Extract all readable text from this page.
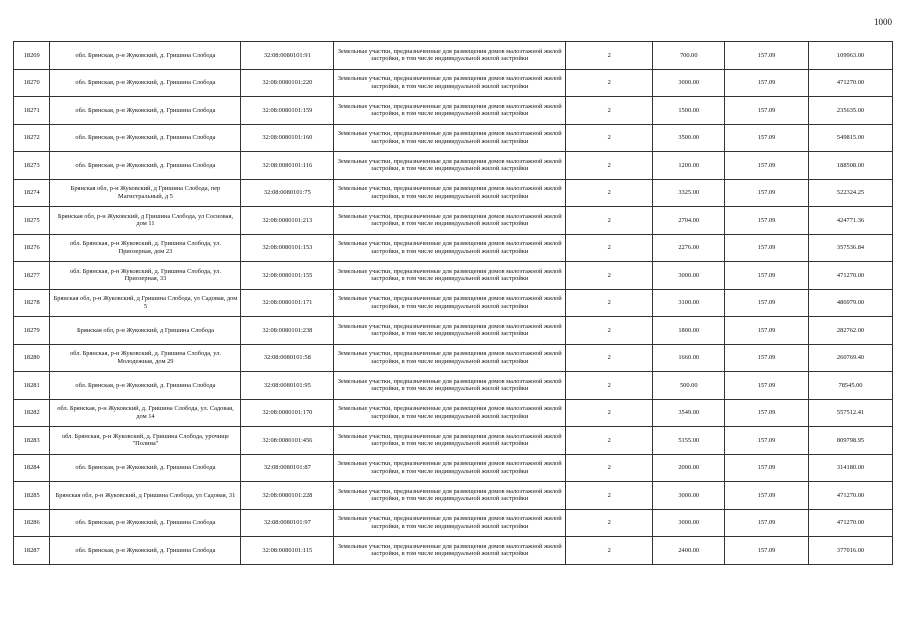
1000
18269	обл. Брянская, р-н Жуковский, д. Гришина Слобода	32:08:0080101:91	Земельные участки, предназначенные для размещения домов малоэтажной жилой застройки, в том числе индивидуальной жилой застройки	2	700.00	157.09	109963.00
18270	обл. Брянская, р-н Жуковский, д. Гришина Слобода	32:08:0080101:220	Земельные участки, предназначенные для размещения домов малоэтажной жилой застройки, в том числе индивидуальной жилой застройки	2	3000.00	157.09	471270.00
18271	обл. Брянская, р-н Жуковский, д. Гришина Слобода	32:08:0080101:159	Земельные участки, предназначенные для размещения домов малоэтажной жилой застройки, в том числе индивидуальной жилой застройки	2	1500.00	157.09	235635.00
18272	обл. Брянская, р-н Жуковский, д. Гришина Слобода	32:08:0080101:160	Земельные участки, предназначенные для размещения домов малоэтажной жилой застройки, в том числе индивидуальной жилой застройки	2	3500.00	157.09	549815.00
18273	обл. Брянская, р-н Жуковский, д. Гришина Слобода	32:08:0080101:116	Земельные участки, предназначенные для размещения домов малоэтажной жилой застройки, в том числе индивидуальной жилой застройки	2	1200.00	157.09	188508.00
18274	Брянская обл, р-н Жуковский, д Гришина Слобода, пер Магистральный, д 5	32:08:0080101:75	Земельные участки, предназначенные для размещения домов малоэтажной жилой застройки, в том числе индивидуальной жилой застройки	2	3325.00	157.09	522324.25
18275	Брянская обл, р-н Жуковский, д Гришина Слобода, ул Сосновая, дом 11	32:08:0080101:213	Земельные участки, предназначенные для размещения домов малоэтажной жилой застройки, в том числе индивидуальной жилой застройки	2	2704.00	157.09	424771.36
18276	обл. Брянская, р-н Жуковский, д. Гришина Слобода, ул. Приозерная, дом 23	32:08:0080101:153	Земельные участки, предназначенные для размещения домов малоэтажной жилой застройки, в том числе индивидуальной жилой застройки	2	2276.00	157.09	357536.84
18277	обл. Брянская, р-н Жуковский, д. Гришина Слобода, ул. Приозерная, 33	32:08:0080101:155	Земельные участки, предназначенные для размещения домов малоэтажной жилой застройки, в том числе индивидуальной жилой застройки	2	3000.00	157.09	471270.00
18278	Брянская обл, р-н Жуковский, д Гришина Слобода, ул Садовая, дом 5	32:08:0080101:171	Земельные участки, предназначенные для размещения домов малоэтажной жилой застройки, в том числе индивидуальной жилой застройки	2	3100.00	157.09	486979.00
18279	Брянская обл, р-н Жуковский, д Гришина Слобода	32:08:0080101:238	Земельные участки, предназначенные для размещения домов малоэтажной жилой застройки, в том числе индивидуальной жилой застройки	2	1800.00	157.09	282762.00
18280	обл. Брянская, р-н Жуковский, д. Гришина Слобода, ул. Молодежная, дом 29	32:08:0080101:58	Земельные участки, предназначенные для размещения домов малоэтажной жилой застройки, в том числе индивидуальной жилой застройки	2	1660.00	157.09	260769.40
18281	обл. Брянская, р-н Жуковский, д. Гришина Слобода	32:08:0080101:95	Земельные участки, предназначенные для размещения домов малоэтажной жилой застройки, в том числе индивидуальной жилой застройки	2	500.00	157.09	78545.00
18282	обл. Брянская, р-н Жуковский, д. Гришина Слобода, ул. Садовая, дом 14	32:08:0080101:170	Земельные участки, предназначенные для размещения домов малоэтажной жилой застройки, в том числе индивидуальной жилой застройки	2	3549.00	157.09	557512.41
18283	обл. Брянская, р-н Жуковский, д. Гришина Слобода, урочище "Полина"	32:08:0080101:456	Земельные участки, предназначенные для размещения домов малоэтажной жилой застройки, в том числе индивидуальной жилой застройки	2	5155.00	157.09	809798.95
18284	обл. Брянская, р-н Жуковский, д. Гришина Слобода	32:08:0080101:87	Земельные участки, предназначенные для размещения домов малоэтажной жилой застройки, в том числе индивидуальной жилой застройки	2	2000.00	157.09	314180.00
18285	Брянская обл, р-н Жуковский, д Гришина Слобода, ул Садовая, 31	32:08:0080101:228	Земельные участки, предназначенные для размещения домов малоэтажной жилой застройки, в том числе индивидуальной жилой застройки	2	3000.00	157.09	471270.00
18286	обл. Брянская, р-н Жуковский, д. Гришина Слобода	32:08:0080101:97	Земельные участки, предназначенные для размещения домов малоэтажной жилой застройки, в том числе индивидуальной жилой застройки	2	3000.00	157.09	471270.00
18287	обл. Брянская, р-н Жуковский, д. Гришина Слобода	32:08:0080101:115	Земельные участки, предназначенные для размещения домов малоэтажной жилой застройки, в том числе индивидуальной жилой застройки	2	2400.00	157.09	377016.00
